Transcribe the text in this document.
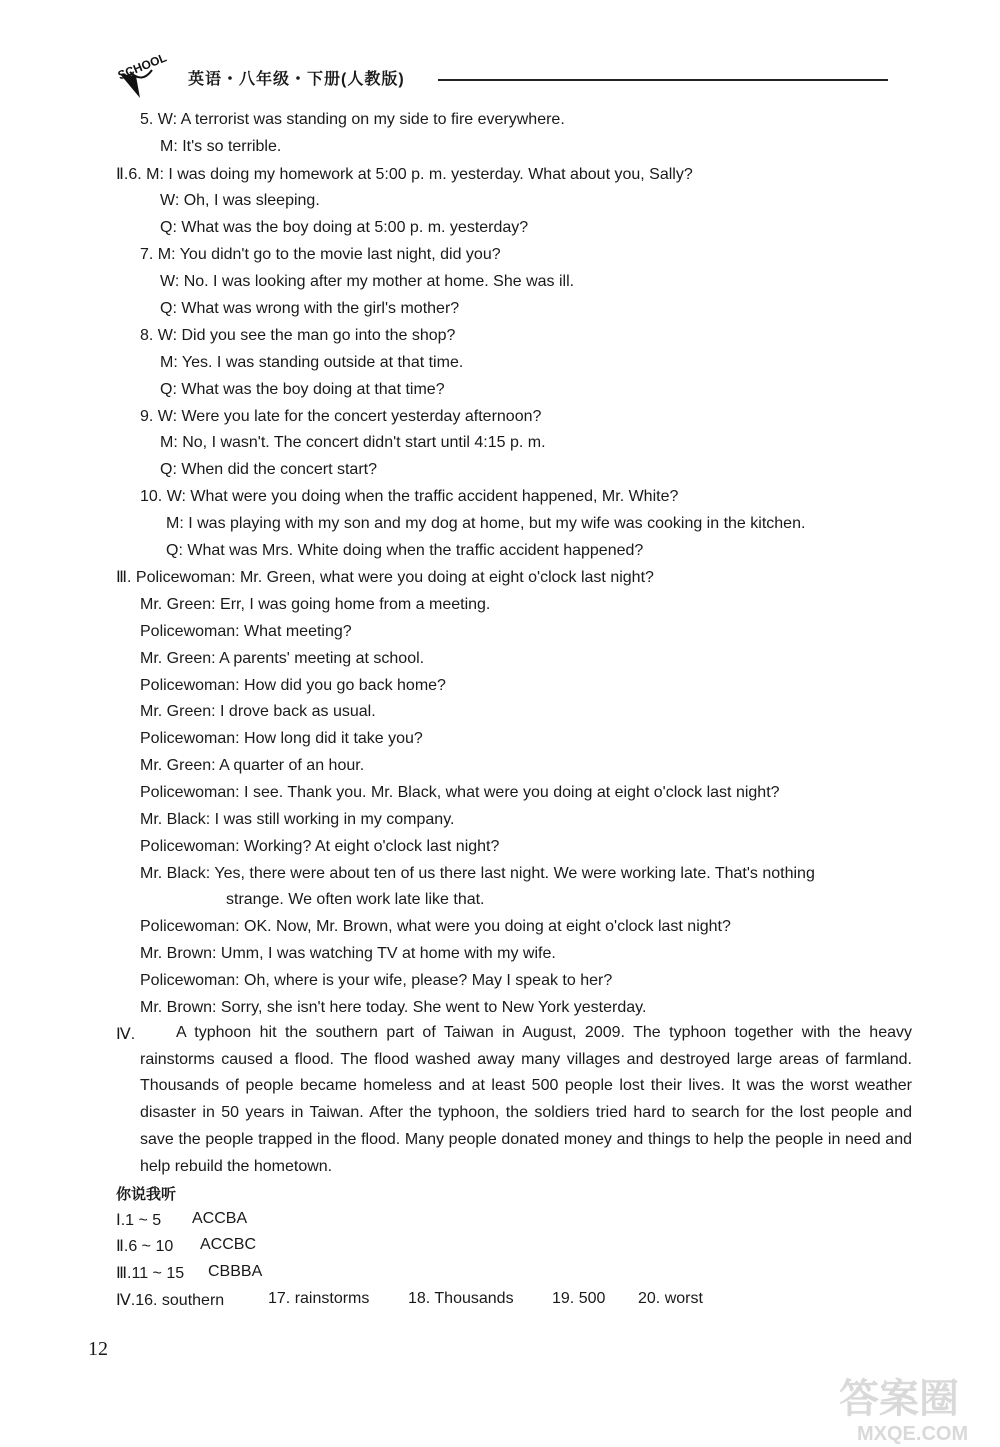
SCHOOL 英语・八年级・下册(人教版)
5. W: A terrorist was standing on my side to fire everywhere.
M: It's so terrible.
Ⅱ.6. M: I was doing my homework at 5:00 p. m. yesterday. What about you, Sally?
W: Oh, I was sleeping.
Q: What was the boy doing at 5:00 p. m. yesterday?
7. M: You didn't go to the movie last night, did you?
W: No. I was looking after my mother at home. She was ill.
Q: What was wrong with the girl's mother?
8. W: Did you see the man go into the shop?
M: Yes. I was standing outside at that time.
Q: What was the boy doing at that time?
9. W: Were you late for the concert yesterday afternoon?
M: No, I wasn't. The concert didn't start until 4:15 p. m.
Q: When did the concert start?
10. W: What were you doing when the traffic accident happened, Mr. White?
M: I was playing with my son and my dog at home, but my wife was cooking in the kitchen.
Q: What was Mrs. White doing when the traffic accident happened?
Ⅲ. Policewoman: Mr. Green, what were you doing at eight o'clock last night?
Mr. Green: Err, I was going home from a meeting.
Policewoman: What meeting?
Mr. Green: A parents' meeting at school.
Policewoman: How did you go back home?
Mr. Green: I drove back as usual.
Policewoman: How long did it take you?
Mr. Green: A quarter of an hour.
Policewoman: I see. Thank you. Mr. Black, what were you doing at eight o'clock last night?
Mr. Black: I was still working in my company.
Policewoman: Working? At eight o'clock last night?
Mr. Black: Yes, there were about ten of us there last night. We were working late. That's nothing
strange. We often work late like that.
Policewoman: OK. Now, Mr. Brown, what were you doing at eight o'clock last night?
Mr. Brown: Umm, I was watching TV at home with my wife.
Policewoman: Oh, where is your wife, please? May I speak to her?
Mr. Brown: Sorry, she isn't here today. She went to New York yesterday.
Ⅳ.	A typhoon hit the southern part of Taiwan in August, 2009. The typhoon together with the heavy rainstorms caused a flood. The flood washed away many villages and destroyed large areas of farmland. Thousands of people became homeless and at least 500 people lost their lives. It was the worst weather disaster in 50 years in Taiwan. After the typhoon, the soldiers tried hard to search for the lost people and save the people trapped in the flood. Many people donated money and things to help the people in need and help rebuild the hometown.
你说我听
Ⅰ.1 ~ 5 ACCBA
Ⅱ.6 ~ 10 ACCBC
Ⅲ.11 ~ 15 CBBBA
Ⅳ.16. southern	17. rainstorms 18. Thousands 19. 500 20. worst
12
答案圈
MXQE.COM
